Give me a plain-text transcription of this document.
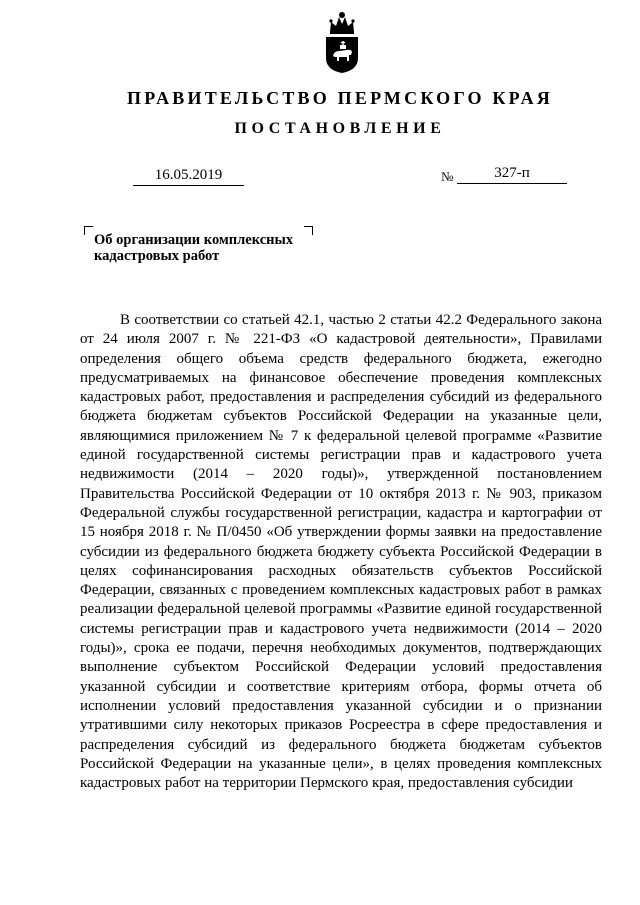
ПРАВИТЕЛЬСТВО ПЕРМСКОГО КРАЯ
ПОСТАНОВЛЕНИЕ
16.05.2019	№	327-п
Об организации комплексных
кадастровых работ

В соответствии со статьей 42.1, частью 2 статьи 42.2 Федерального закона от 24 июля 2007 г. № 221-ФЗ «О кадастровой деятельности», Правилами определения общего объема средств федерального бюджета, ежегодно предусматриваемых на финансовое обеспечение проведения комплексных кадастровых работ, предоставления и распределения субсидий из федерального бюджета бюджетам субъектов Российской Федерации на указанные цели, являющимися приложением № 7 к федеральной целевой программе «Развитие единой государственной системы регистрации прав и кадастрового учета недвижимости (2014 – 2020 годы)», утвержденной постановлением Правительства Российской Федерации от 10 октября 2013 г. № 903, приказом Федеральной службы государственной регистрации, кадастра и картографии от 15 ноября 2018 г. № П/0450 «Об утверждении формы заявки на предоставление субсидии из федерального бюджета бюджету субъекта Российской Федерации в целях софинансирования расходных обязательств субъектов Российской Федерации, связанных с проведением комплексных кадастровых работ в рамках реализации федеральной целевой программы «Развитие единой государственной системы регистрации прав и кадастрового учета недвижимости (2014 – 2020 годы)», срока ее подачи, перечня необходимых документов, подтверждающих выполнение субъектом Российской Федерации условий предоставления указанной субсидии и соответствие критериям отбора, формы отчета об исполнении условий предоставления указанной субсидии и о признании утратившими силу некоторых приказов Росреестра в сфере предоставления и распределения субсидий из федерального бюджета бюджетам субъектов Российской Федерации на указанные цели», в целях проведения комплексных кадастровых работ на территории Пермского края, предоставления субсидии
